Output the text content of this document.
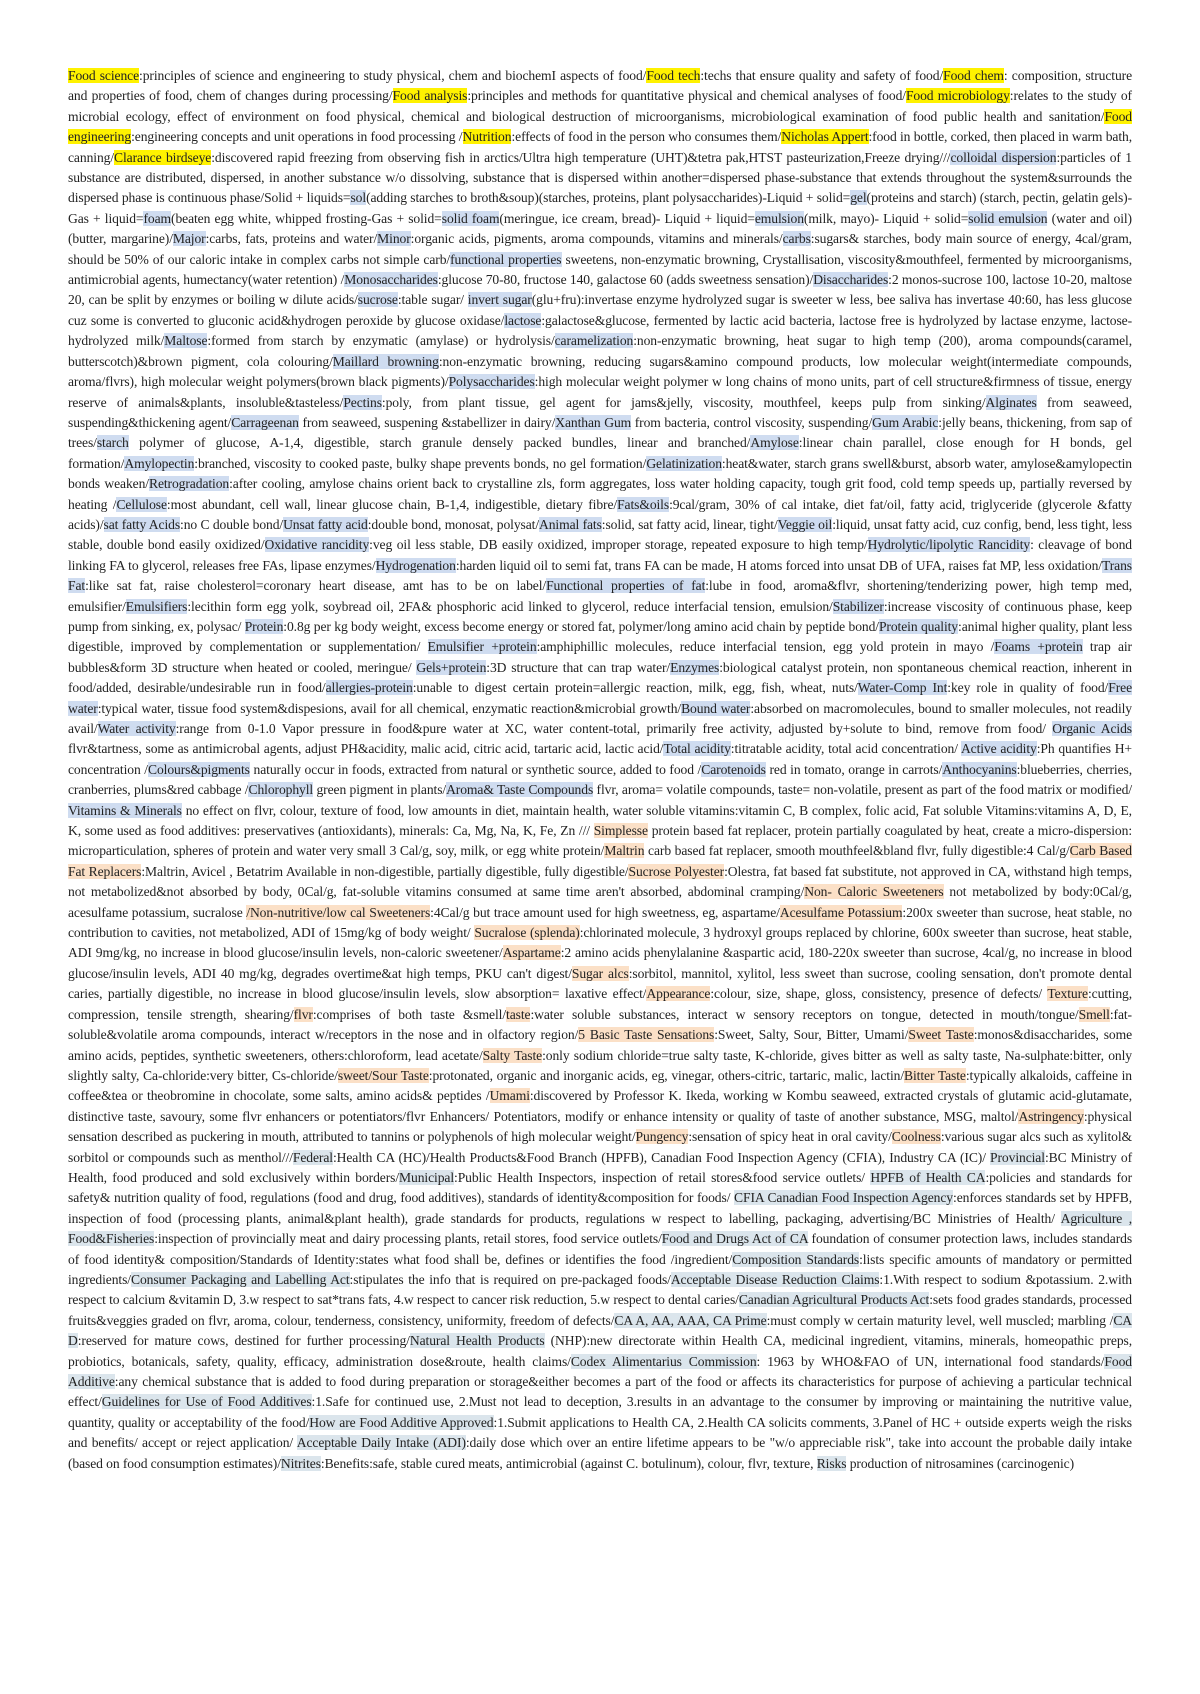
Food science:principles of science and engineering to study physical, chem and biochemI aspects of food/Food tech:techs that ensure quality and safety of food/Food chem: composition, structure and properties of food, chem of changes during processing/Food analysis:principles and methods for quantitative physical and chemical analyses of food/Food microbiology:relates to the study of microbial ecology, effect of environment on food physical, chemical and biological destruction of microorganisms, microbiological examination of food public health and sanitation/Food engineering:engineering concepts and unit operations in food processing /Nutrition:effects of food in the person who consumes them/Nicholas Appert:food in bottle, corked, then placed in warm bath, canning/Clarance birdseye:discovered rapid freezing from observing fish in arctics/Ultra high temperature (UHT)&tetra pak,HTST pasteurization,Freeze drying///colloidal dispersion:particles of 1 substance are distributed, dispersed, in another substance w/o dissolving, substance that is dispersed within another=dispersed phase-substance that extends throughout the system&surrounds the dispersed phase is continuous phase/Solid + liquids=sol(adding starches to broth&soup)(starches, proteins, plant polysaccharides)-Liquid + solid=gel(proteins and starch) (starch, pectin, gelatin gels)- Gas + liquid=foam(beaten egg white, whipped frosting-Gas + solid=solid foam(meringue, ice cream, bread)- Liquid + liquid=emulsion(milk, mayo)- Liquid + solid=solid emulsion (water and oil)(butter, margarine)/Major:carbs, fats, proteins and water/Minor:organic acids, pigments, aroma compounds, vitamins and minerals/carbs:sugars& starches, body main source of energy, 4cal/gram, should be 50% of our caloric intake in complex carbs not simple carb/functional properties sweetens, non-enzymatic browning, Crystallisation, viscosity&mouthfeel, fermented by microorganisms, antimicrobial agents, humectancy(water retention) /Monosaccharides:glucose 70-80, fructose 140, galactose 60 (adds sweetness sensation)/Disaccharides:2 monos-sucrose 100, lactose 10-20, maltose 20, can be split by enzymes or boiling w dilute acids/sucrose:table sugar/ invert sugar(glu+fru):invertase enzyme hydrolyzed sugar is sweeter w less, bee saliva has invertase 40:60, has less glucose cuz some is converted to gluconic acid&hydrogen peroxide by glucose oxidase/lactose:galactose&glucose, fermented by lactic acid bacteria, lactose free is hydrolyzed by lactase enzyme, lactose-hydrolyzed milk/Maltose:formed from starch by enzymatic (amylase) or hydrolysis/caramelization:non-enzymatic browning, heat sugar to high temp (200), aroma compounds(caramel, butterscotch)&brown pigment, cola colouring/Maillard browning:non-enzymatic browning, reducing sugars&amino compound products, low molecular weight(intermediate compounds, aroma/flvrs), high molecular weight polymers(brown black pigments)/Polysaccharides:high molecular weight polymer w long chains of mono units, part of cell structure&firmness of tissue, energy reserve of animals&plants, insoluble&tasteless/Pectins:poly, from plant tissue, gel agent for jams&jelly, viscosity, mouthfeel, keeps pulp from sinking/Alginates from seaweed, suspending&thickening agent/Carrageenan from seaweed, suspening &stabellizer in dairy/Xanthan Gum from bacteria, control viscosity, suspending/Gum Arabic:jelly beans, thickening, from sap of trees/starch polymer of glucose, A-1,4, digestible, starch granule densely packed bundles, linear and branched/Amylose:linear chain parallel, close enough for H bonds, gel formation/Amylopectin:branched, viscosity to cooked paste, bulky shape prevents bonds, no gel formation/Gelatinization:heat&water, starch grans swell&burst, absorb water, amylose&amylopectin bonds weaken/Retrogradation:after cooling, amylose chains orient back to crystalline zls, form aggregates, loss water holding capacity, tough grit food, cold temp speeds up, partially reversed by heating /Cellulose:most abundant, cell wall, linear glucose chain, B-1,4, indigestible, dietary fibre/Fats&oils:9cal/gram, 30% of cal intake, diet fat/oil, fatty acid, triglyceride (glycerole &fatty acids)/sat fatty Acids:no C double bond/Unsat fatty acid:double bond, monosat, polysat/Animal fats:solid, sat fatty acid, linear, tight/Veggie oil:liquid, unsat fatty acid, cuz config, bend, less tight, less stable, double bond easily oxidized/Oxidative rancidity:veg oil less stable, DB easily oxidized, improper storage, repeated exposure to high temp/Hydrolytic/lipolytic Rancidity: cleavage of bond linking FA to glycerol, releases free FAs, lipase enzymes/Hydrogenation:harden liquid oil to semi fat, trans FA can be made, H atoms forced into unsat DB of UFA, raises fat MP, less oxidation/Trans Fat:like sat fat, raise cholesterol=coronary heart disease, amt has to be on label/Functional properties of fat:lube in food, aroma&flvr, shortening/tenderizing power, high temp med, emulsifier/Emulsifiers:lecithin form egg yolk, soybread oil, 2FA& phosphoric acid linked to glycerol, reduce interfacial tension, emulsion/Stabilizer:increase viscosity of continuous phase, keep pump from sinking, ex, polysac/ Protein:0.8g per kg body weight, excess become energy or stored fat, polymer/long amino acid chain by peptide bond/Protein quality:animal higher quality, plant less digestible, improved by complementation or supplementation/ Emulsifier +protein:amphiphillic molecules, reduce interfacial tension, egg yold protein in mayo /Foams +protein trap air bubbles&form 3D structure when heated or cooled, meringue/ Gels+protein:3D structure that can trap water/Enzymes:biological catalyst protein, non spontaneous chemical reaction, inherent in food/added, desirable/undesirable run in food/allergies-protein:unable to digest certain protein=allergic reaction, milk, egg, fish, wheat, nuts/Water-Comp Int:key role in quality of food/Free water:typical water, tissue food system&dispesions, avail for all chemical, enzymatic reaction&microbial growth/Bound water:absorbed on macromolecules, bound to smaller molecules, not readily avail/Water activity:range from 0-1.0 Vapor pressure in food&pure water at XC, water content-total, primarily free activity, adjusted by+solute to bind, remove from food/ Organic Acids flvr&tartness, some as antimicrobal agents, adjust PH&acidity, malic acid, citric acid, tartaric acid, lactic acid/Total acidity:titratable acidity, total acid concentration/ Active acidity:Ph quantifies H+ concentration /Colours&pigments naturally occur in foods, extracted from natural or synthetic source, added to food /Carotenoids red in tomato, orange in carrots/Anthocyanins:blueberries, cherries, cranberries, plums&red cabbage /Chlorophyll green pigment in plants/Aroma& Taste Compounds flvr, aroma= volatile compounds, taste= non-volatile, present as part of the food matrix or modified/ Vitamins & Minerals no effect on flvr, colour, texture of food, low amounts in diet, maintain health, water soluble vitamins:vitamin C, B complex, folic acid, Fat soluble Vitamins:vitamins A, D, E, K, some used as food additives: preservatives (antioxidants), minerals: Ca, Mg, Na, K, Fe, Zn /// Simplesse protein based fat replacer, protein partially coagulated by heat, create a micro-dispersion: microparticulation, spheres of protein and water very small 3 Cal/g, soy, milk, or egg white protein/Maltrin carb based fat replacer, smooth mouthfeel&bland flvr, fully digestible:4 Cal/g/Carb Based Fat Replacers:Maltrin, Avicel , Betatrim Available in non-digestible, partially digestible, fully digestible/Sucrose Polyester:Olestra, fat based fat substitute, not approved in CA, withstand high temps, not metabolized&not absorbed by body, 0Cal/g, fat-soluble vitamins consumed at same time aren't absorbed, abdominal cramping/Non- Caloric Sweeteners not metabolized by body:0Cal/g, acesulfame potassium, sucralose /Non-nutritive/low cal Sweeteners:4Cal/g but trace amount used for high sweetness, eg, aspartame/Acesulfame Potassium:200x sweeter than sucrose, heat stable, no contribution to cavities, not metabolized, ADI of 15mg/kg of body weight/ Sucralose (splenda):chlorinated molecule, 3 hydroxyl groups replaced by chlorine, 600x sweeter than sucrose, heat stable, ADI 9mg/kg, no increase in blood glucose/insulin levels, non-caloric sweetener/Aspartame:2 amino acids phenylalanine &aspartic acid, 180-220x sweeter than sucrose, 4cal/g, no increase in blood glucose/insulin levels, ADI 40 mg/kg, degrades overtime&at high temps, PKU can't digest/Sugar alcs:sorbitol, mannitol, xylitol, less sweet than sucrose, cooling sensation, don't promote dental caries, partially digestible, no increase in blood glucose/insulin levels, slow absorption= laxative effect/Appearance:colour, size, shape, gloss, consistency, presence of defects/ Texture:cutting, compression, tensile strength, shearing/flvr:comprises of both taste &smell/taste:water soluble substances, interact w sensory receptors on tongue, detected in mouth/tongue/Smell:fat-soluble&volatile aroma compounds, interact w/receptors in the nose and in olfactory region/5 Basic Taste Sensations:Sweet, Salty, Sour, Bitter, Umami/Sweet Taste:monos&disaccharides, some amino acids, peptides, synthetic sweeteners, others:chloroform, lead acetate/Salty Taste:only sodium chloride=true salty taste, K-chloride, gives bitter as well as salty taste, Na-sulphate:bitter, only slightly salty, Ca-chloride:very bitter, Cs-chloride/sweet/Sour Taste:protonated, organic and inorganic acids, eg, vinegar, others-citric, tartaric, malic, lactin/Bitter Taste:typically alkaloids, caffeine in coffee&tea or theobromine in chocolate, some salts, amino acids& peptides /Umami:discovered by Professor K. Ikeda, working w Kombu seaweed, extracted crystals of glutamic acid-glutamate, distinctive taste, savoury, some flvr enhancers or potentiators/flvr Enhancers/ Potentiators, modify or enhance intensity or quality of taste of another substance, MSG, maltol/Astringency:physical sensation described as puckering in mouth, attributed to tannins or polyphenols of high molecular weight/Pungency:sensation of spicy heat in oral cavity/Coolness:various sugar alcs such as xylitol& sorbitol or compounds such as menthol///Federal:Health CA (HC)/Health Products&Food Branch (HPFB), Canadian Food Inspection Agency (CFIA), Industry CA (IC)/ Provincial:BC Ministry of Health, food produced and sold exclusively within borders/Municipal:Public Health Inspectors, inspection of retail stores&food service outlets/ HPFB of Health CA:policies and standards for safety& nutrition quality of food, regulations (food and drug, food additives), standards of identity&composition for foods/ CFIA Canadian Food Inspection Agency:enforces standards set by HPFB, inspection of food (processing plants, animal&plant health), grade standards for products, regulations w respect to labelling, packaging, advertising/BC Ministries of Health/ Agriculture , Food&Fisheries:inspection of provincially meat and dairy processing plants, retail stores, food service outlets/Food and Drugs Act of CA foundation of consumer protection laws, includes standards of food identity& composition/Standards of Identity:states what food shall be, defines or identifies the food /ingredient/Composition Standards:lists specific amounts of mandatory or permitted ingredients/Consumer Packaging and Labelling Act:stipulates the info that is required on pre-packaged foods/Acceptable Disease Reduction Claims:1.With respect to sodium &potassium. 2.with respect to calcium &vitamin D, 3.w respect to sat*trans fats, 4.w respect to cancer risk reduction, 5.w respect to dental caries/Canadian Agricultural Products Act:sets food grades standards, processed fruits&veggies graded on flvr, aroma, colour, tenderness, consistency, uniformity, freedom of defects/CA A, AA, AAA, CA Prime:must comply w certain maturity level, well muscled; marbling /CA D:reserved for mature cows, destined for further processing/Natural Health Products (NHP):new directorate within Health CA, medicinal ingredient, vitamins, minerals, homeopathic preps, probiotics, botanicals, safety, quality, efficacy, administration dose&route, health claims/Codex Alimentarius Commission: 1963 by WHO&FAO of UN, international food standards/Food Additive:any chemical substance that is added to food during preparation or storage&either becomes a part of the food or affects its characteristics for purpose of achieving a particular technical effect/Guidelines for Use of Food Additives:1.Safe for continued use, 2.Must not lead to deception, 3.results in an advantage to the consumer by improving or maintaining the nutritive value, quantity, quality or acceptability of the food/How are Food Additive Approved:1.Submit applications to Health CA, 2.Health CA solicits comments, 3.Panel of HC + outside experts weigh the risks and benefits/ accept or reject application/ Acceptable Daily Intake (ADI):daily dose which over an entire lifetime appears to be "w/o appreciable risk", take into account the probable daily intake (based on food consumption estimates)/Nitrites:Benefits:safe, stable cured meats, antimicrobial (against C. botulinum), colour, flvr, texture, Risks production of nitrosamines (carcinogenic)
